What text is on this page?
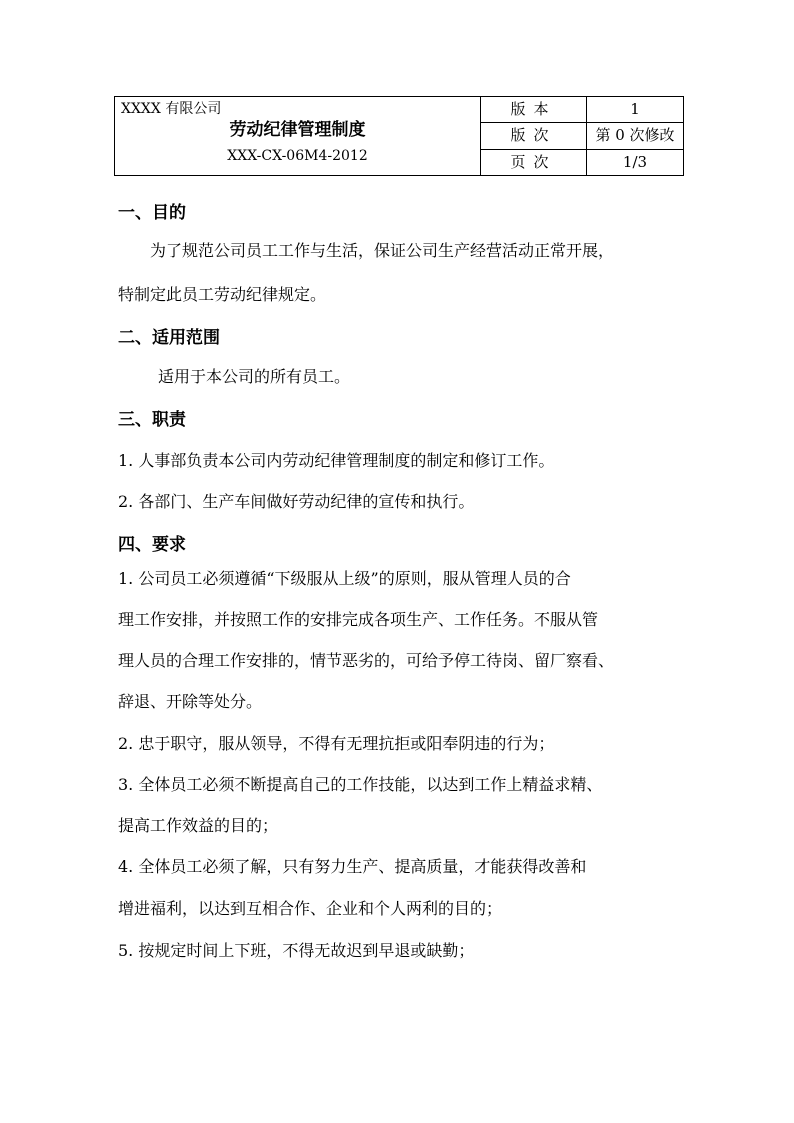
XXXX 有限公司
劳动纪律管理制度
XXX-CX-06M4-2012	版本	1
	版次	第 0 次修改
	页次	1/3
一、目的
为了规范公司员工工作与生活，保证公司生产经营活动正常开展，
特制定此员工劳动纪律规定。
二、适用范围
适用于本公司的所有员工。
三、职责
1. 人事部负责本公司内劳动纪律管理制度的制定和修订工作。
2. 各部门、生产车间做好劳动纪律的宣传和执行。
四、要求
1. 公司员工必须遵循“下级服从上级”的原则，服从管理人员的合
理工作安排，并按照工作的安排完成各项生产、工作任务。不服从管
理人员的合理工作安排的，情节恶劣的，可给予停工待岗、留厂察看、
辞退、开除等处分。
2. 忠于职守，服从领导，不得有无理抗拒或阳奉阴违的行为；
3. 全体员工必须不断提高自己的工作技能，以达到工作上精益求精、
提高工作效益的目的；
4. 全体员工必须了解，只有努力生产、提高质量，才能获得改善和
增进福利，以达到互相合作、企业和个人两利的目的；
5. 按规定时间上下班，不得无故迟到早退或缺勤；
